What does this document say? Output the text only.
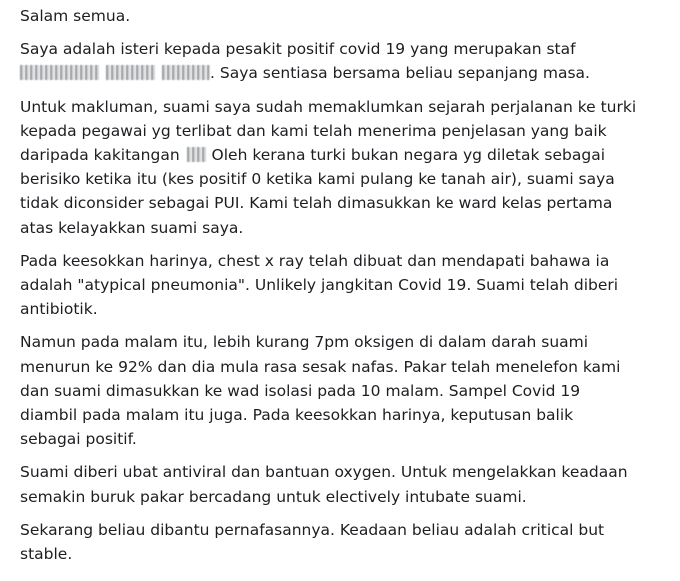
Salam semua.

Saya adalah isteri kepada pesakit positif covid 19 yang merupakan staf
. Saya sentiasa bersama beliau sepanjang masa.

Untuk makluman, suami saya sudah memaklumkan sejarah perjalanan ke turki
kepada pegawai yg terlibat dan kami telah menerima penjelasan yang baik
daripada kakitangan  Oleh kerana turki bukan negara yg diletak sebagai
berisiko ketika itu (kes positif 0 ketika kami pulang ke tanah air), suami saya
tidak diconsider sebagai PUI. Kami telah dimasukkan ke ward kelas pertama
atas kelayakkan suami saya.

Pada keesokkan harinya, chest x ray telah dibuat dan mendapati bahawa ia
adalah "atypical pneumonia". Unlikely jangkitan Covid 19. Suami telah diberi
antibiotik.

Namun pada malam itu, lebih kurang 7pm oksigen di dalam darah suami
menurun ke 92% dan dia mula rasa sesak nafas. Pakar telah menelefon kami
dan suami dimasukkan ke wad isolasi pada 10 malam. Sampel Covid 19
diambil pada malam itu juga. Pada keesokkan harinya, keputusan balik
sebagai positif.

Suami diberi ubat antiviral dan bantuan oxygen. Untuk mengelakkan keadaan
semakin buruk pakar bercadang untuk electively intubate suami.

Sekarang beliau dibantu pernafasannya. Keadaan beliau adalah critical but
stable.
